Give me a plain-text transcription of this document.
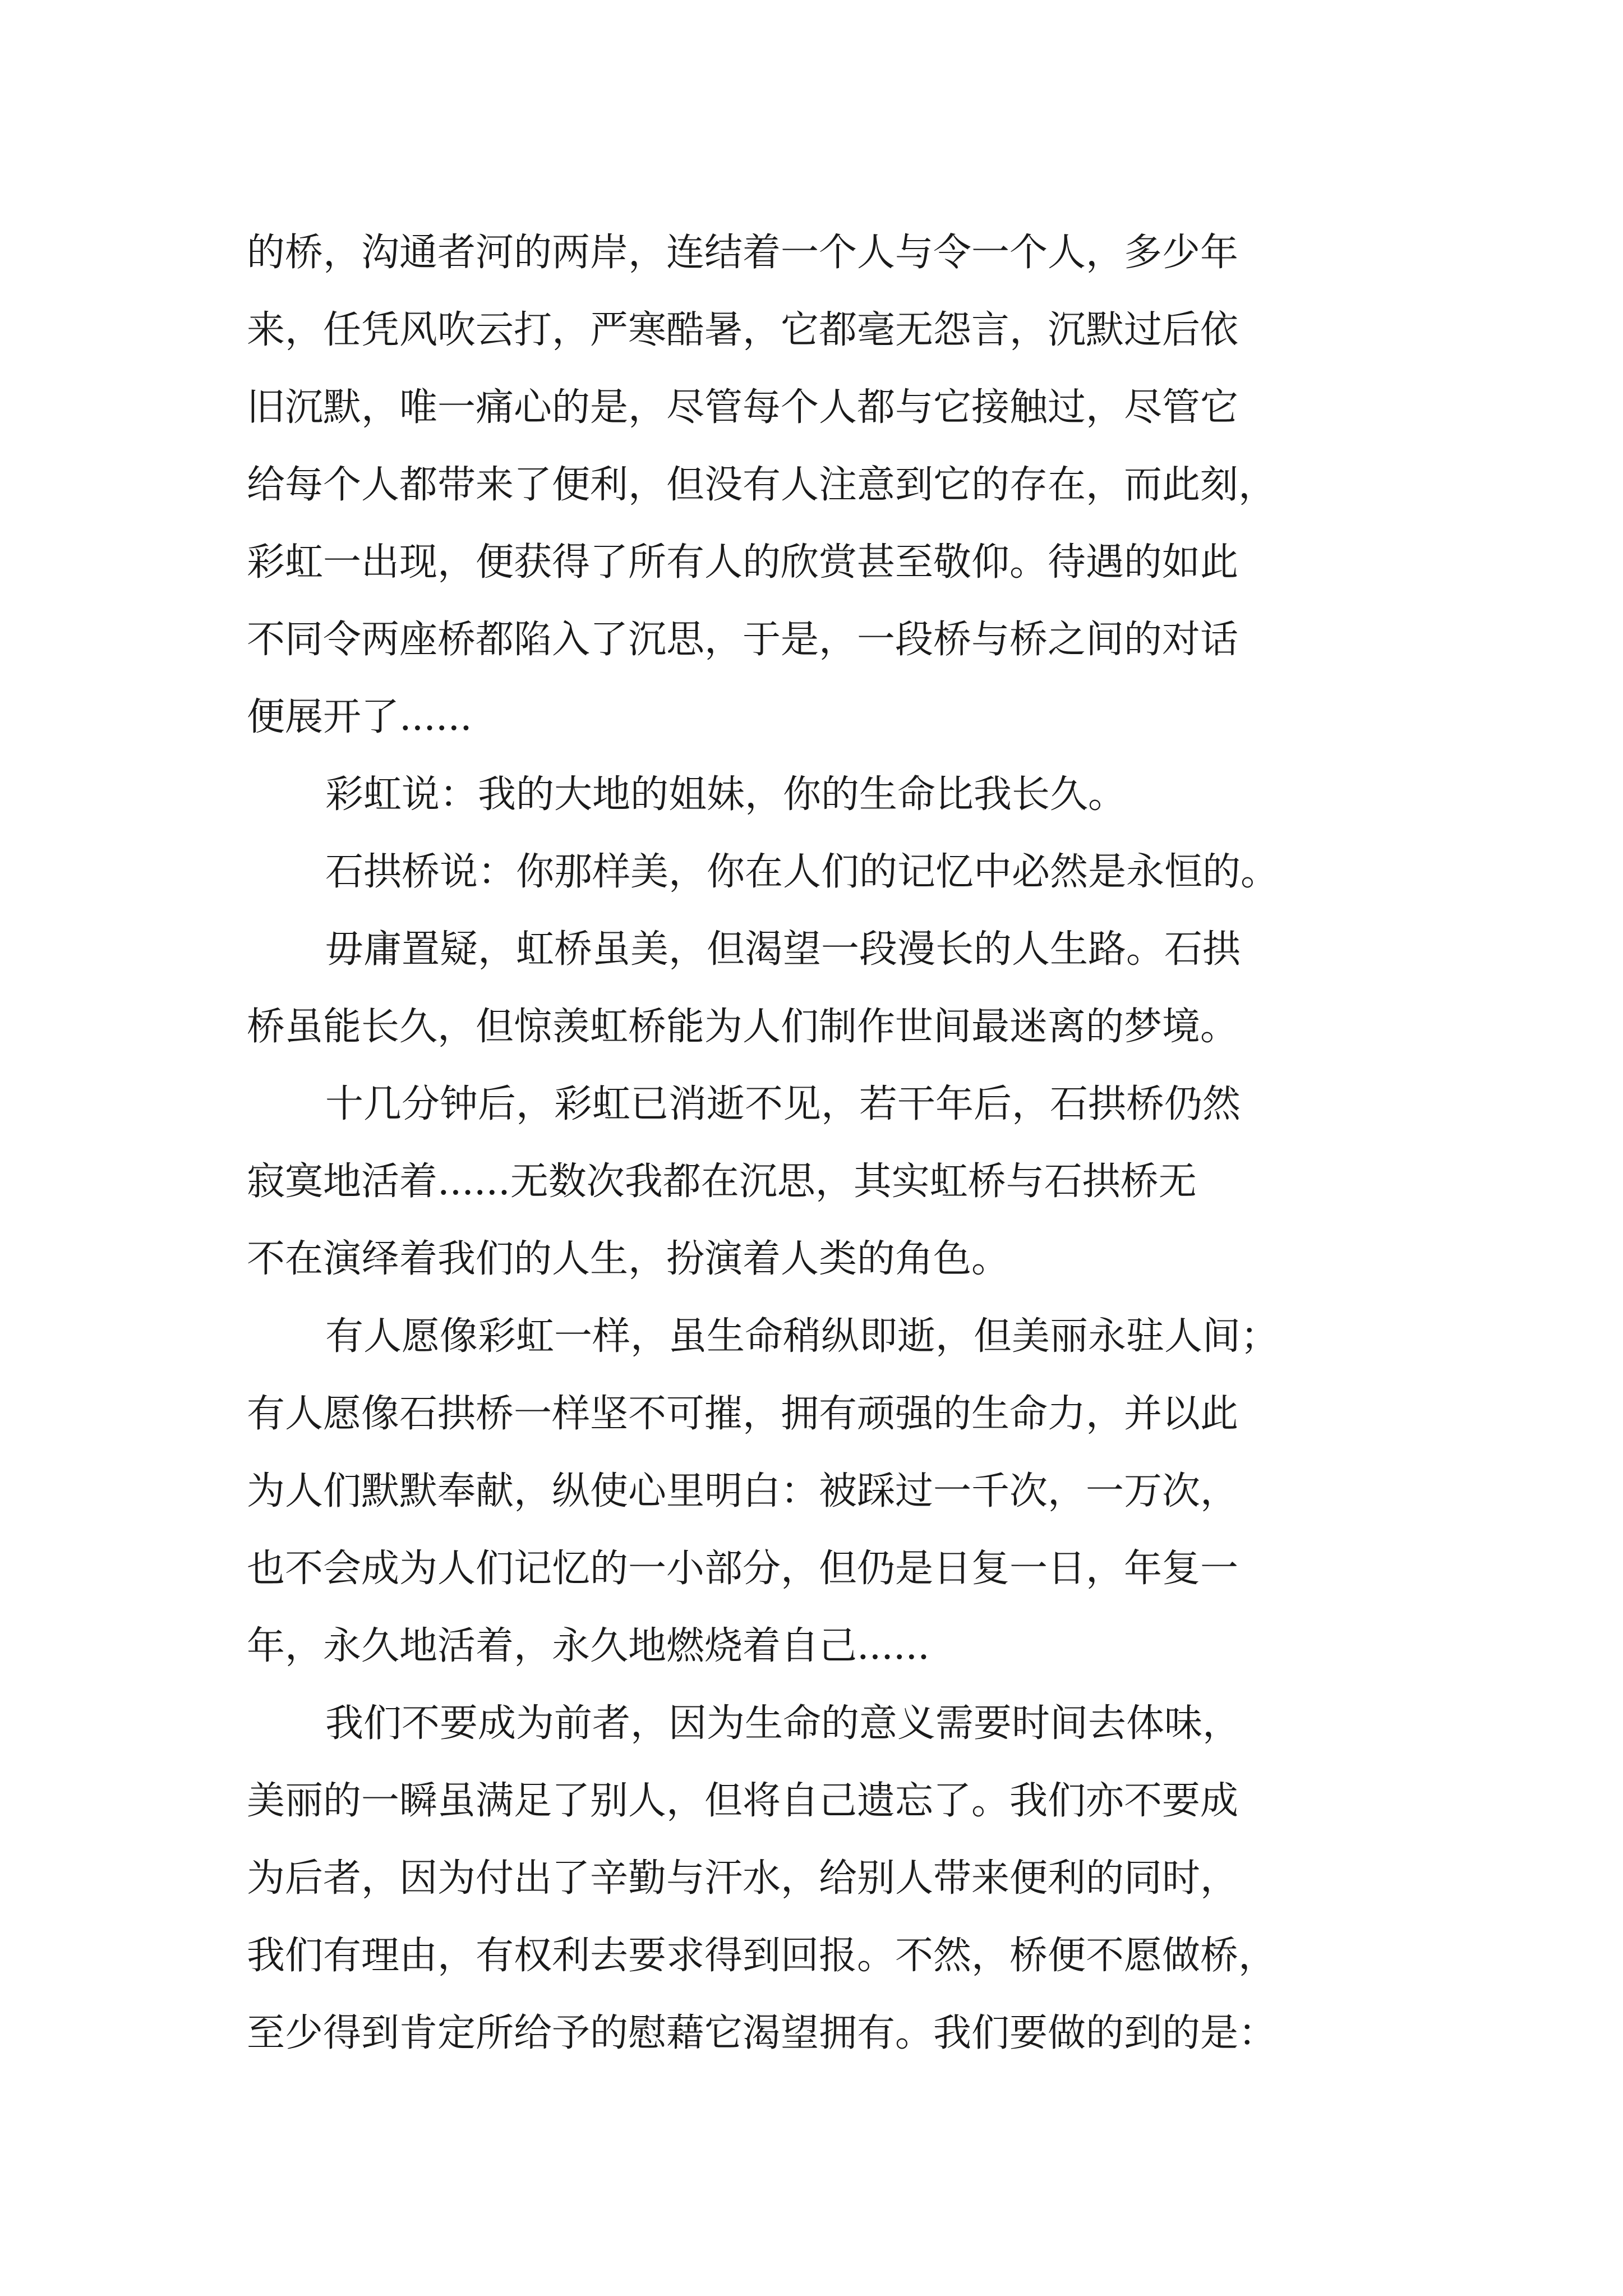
的桥，沟通者河的两岸，连结着一个人与令一个人，多少年
来，任凭风吹云打，严寒酷暑，它都毫无怨言，沉默过后依
旧沉默，唯一痛心的是，尽管每个人都与它接触过，尽管它
给每个人都带来了便利，但没有人注意到它的存在，而此刻，
彩虹一出现，便获得了所有人的欣赏甚至敬仰。待遇的如此
不同令两座桥都陷入了沉思，于是，一段桥与桥之间的对话
便展开了......
彩虹说：我的大地的姐妹，你的生命比我长久。
石拱桥说：你那样美，你在人们的记忆中必然是永恒的。
毋庸置疑，虹桥虽美，但渴望一段漫长的人生路。石拱
桥虽能长久，但惊羡虹桥能为人们制作世间最迷离的梦境。
十几分钟后，彩虹已消逝不见，若干年后，石拱桥仍然
寂寞地活着......无数次我都在沉思，其实虹桥与石拱桥无
不在演绎着我们的人生，扮演着人类的角色。
有人愿像彩虹一样，虽生命稍纵即逝，但美丽永驻人间；
有人愿像石拱桥一样坚不可摧，拥有顽强的生命力，并以此
为人们默默奉献，纵使心里明白：被踩过一千次，一万次，
也不会成为人们记忆的一小部分，但仍是日复一日，年复一
年，永久地活着，永久地燃烧着自己......
我们不要成为前者，因为生命的意义需要时间去体味，
美丽的一瞬虽满足了别人，但将自己遗忘了。我们亦不要成
为后者，因为付出了辛勤与汗水，给别人带来便利的同时，
我们有理由，有权利去要求得到回报。不然，桥便不愿做桥，
至少得到肯定所给予的慰藉它渴望拥有。我们要做的到的是：
